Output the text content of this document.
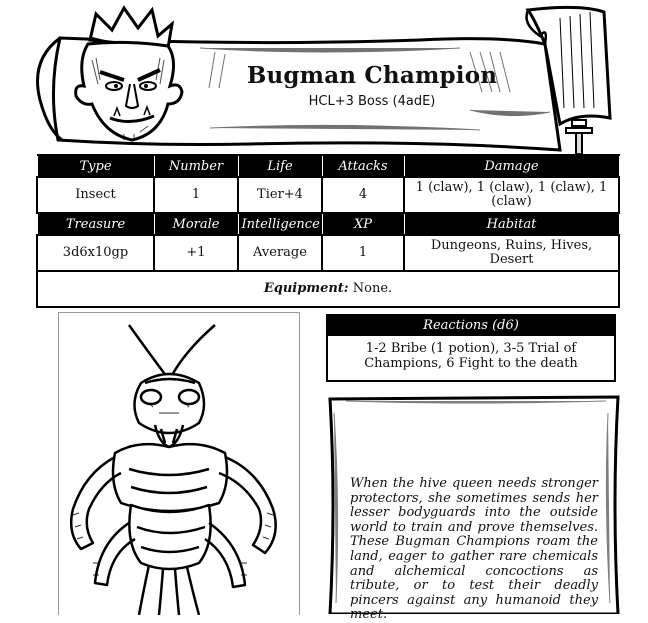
Bugman Champion
HCL+3 Boss (4adE)
Type	Number	Life	Attacks	Damage
Insect	1	Tier+4	4	1 (claw), 1 (claw), 1 (claw), 1 (claw)
Treasure	Morale	Intelligence	XP	Habitat
3d6x10gp	+1	Average	1	Dungeons, Ruins, Hives, Desert
Equipment: None.				
Reactions (d6)
1-2 Bribe (1 potion), 3-5 Trial of Champions, 6 Fight to the death
When the hive queen needs stronger protectors, she sometimes sends her lesser bodyguards into the outside world to train and prove themselves. These Bugman Champions roam the land, eager to gather rare chemicals and alchemical concoctions as tribute, or to test their deadly pincers against any humanoid they meet.
